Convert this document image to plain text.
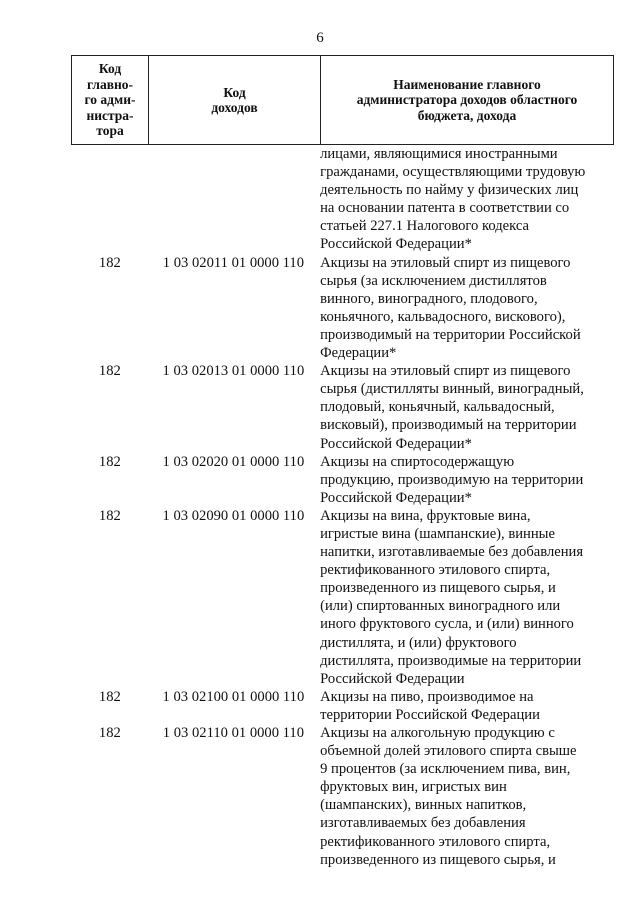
6
Код
главно-
го адми-
нистра-
тора

Код
доходов

Наименование главного
администратора доходов областного
бюджета, дохода
лицами, являющимися иностранными
гражданами, осуществляющими трудовую
деятельность по найму у физических лиц
на основании патента в соответствии со
статьей 227.1 Налогового кодекса
Российской Федерации*
182	1 03 02011 01 0000 110	Акцизы на этиловый спирт из пищевого
сырья (за исключением дистиллятов
винного, виноградного, плодового,
коньячного, кальвадосного, вискового),
производимый на территории Российской
Федерации*
182	1 03 02013 01 0000 110	Акцизы на этиловый спирт из пищевого
сырья (дистилляты винный, виноградный,
плодовый, коньячный, кальвадосный,
висковый), производимый на территории
Российской Федерации*
182	1 03 02020 01 0000 110	Акцизы на спиртосодержащую
продукцию, производимую на территории
Российской Федерации*
182	1 03 02090 01 0000 110	Акцизы на вина, фруктовые вина,
игристые вина (шампанские), винные
напитки, изготавливаемые без добавления
ректификованного этилового спирта,
произведенного из пищевого сырья, и
(или) спиртованных виноградного или
иного фруктового сусла, и (или) винного
дистиллята, и (или) фруктового
дистиллята, производимые на территории
Российской Федерации
182	1 03 02100 01 0000 110	Акцизы на пиво, производимое на
территории Российской Федерации
182	1 03 02110 01 0000 110	Акцизы на алкогольную продукцию с
объемной долей этилового спирта свыше
9 процентов (за исключением пива, вин,
фруктовых вин, игристых вин
(шампанских), винных напитков,
изготавливаемых без добавления
ректификованного этилового спирта,
произведенного из пищевого сырья, и
